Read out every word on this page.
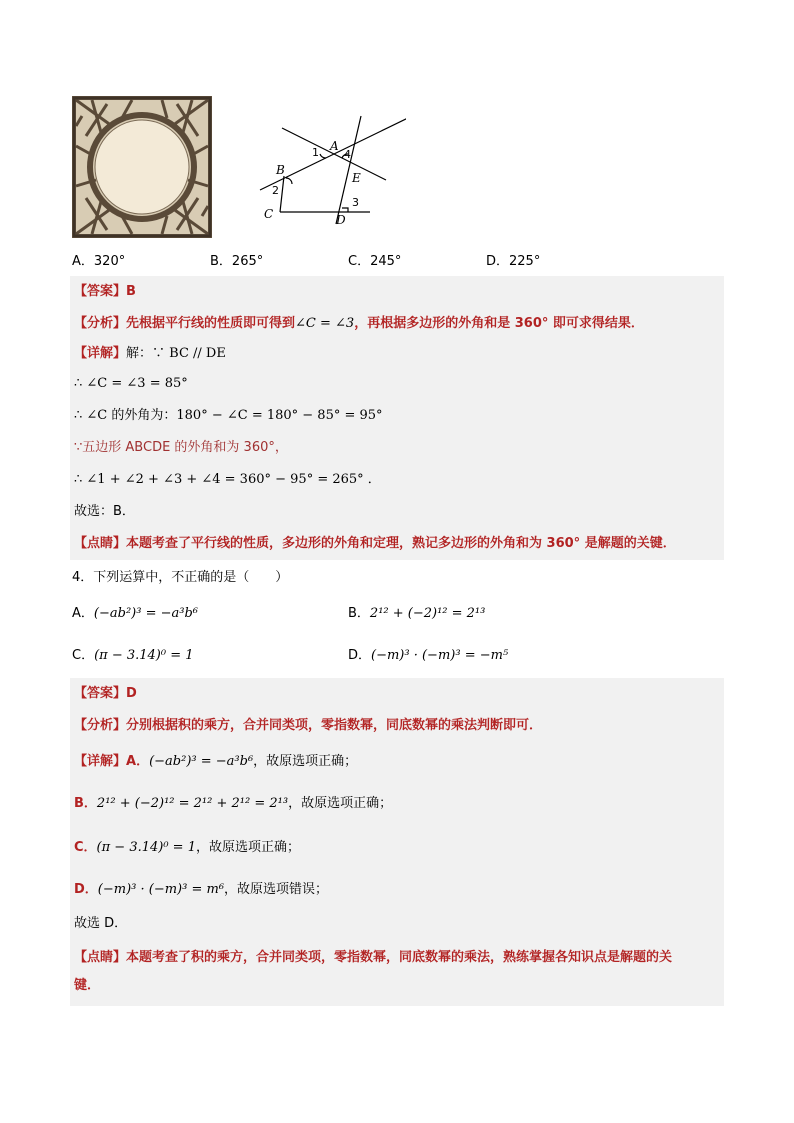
A
B
C	D
E
1
2
3
4
A．320°	B．265°	C．245°	D．225°
【答案】B
【分析】先根据平行线的性质即可得到∠C = ∠3，再根据多边形的外角和是 360° 即可求得结果．
【详解】解：∵ BC // DE
∴ ∠C = ∠3 = 85°
∴ ∠C 的外角为：180° − ∠C = 180° − 85° = 95°
∵五边形 ABCDE 的外角和为 360°，
∴ ∠1 + ∠2 + ∠3 + ∠4 = 360° − 95° = 265° ．
故选：B．
【点睛】本题考查了平行线的性质，多边形的外角和定理，熟记多边形的外角和为 360° 是解题的关键．
4．下列运算中，不正确的是（　　）
A．(−ab²)³ = −a³b⁶	B．2¹² + (−2)¹² = 2¹³
C．(π − 3.14)⁰ = 1	D．(−m)³ · (−m)³ = −m⁵
【答案】D
【分析】分别根据积的乘方，合并同类项，零指数幂，同底数幂的乘法判断即可．
【详解】A．(−ab²)³ = −a³b⁶，故原选项正确；
B．2¹² + (−2)¹² = 2¹² + 2¹² = 2¹³，故原选项正确；
C．(π − 3.14)⁰ = 1，故原选项正确；
D．(−m)³ · (−m)³ = m⁶，故原选项错误；
故选 D．
【点睛】本题考查了积的乘方，合并同类项，零指数幂，同底数幂的乘法，熟练掌握各知识点是解题的关
键．
